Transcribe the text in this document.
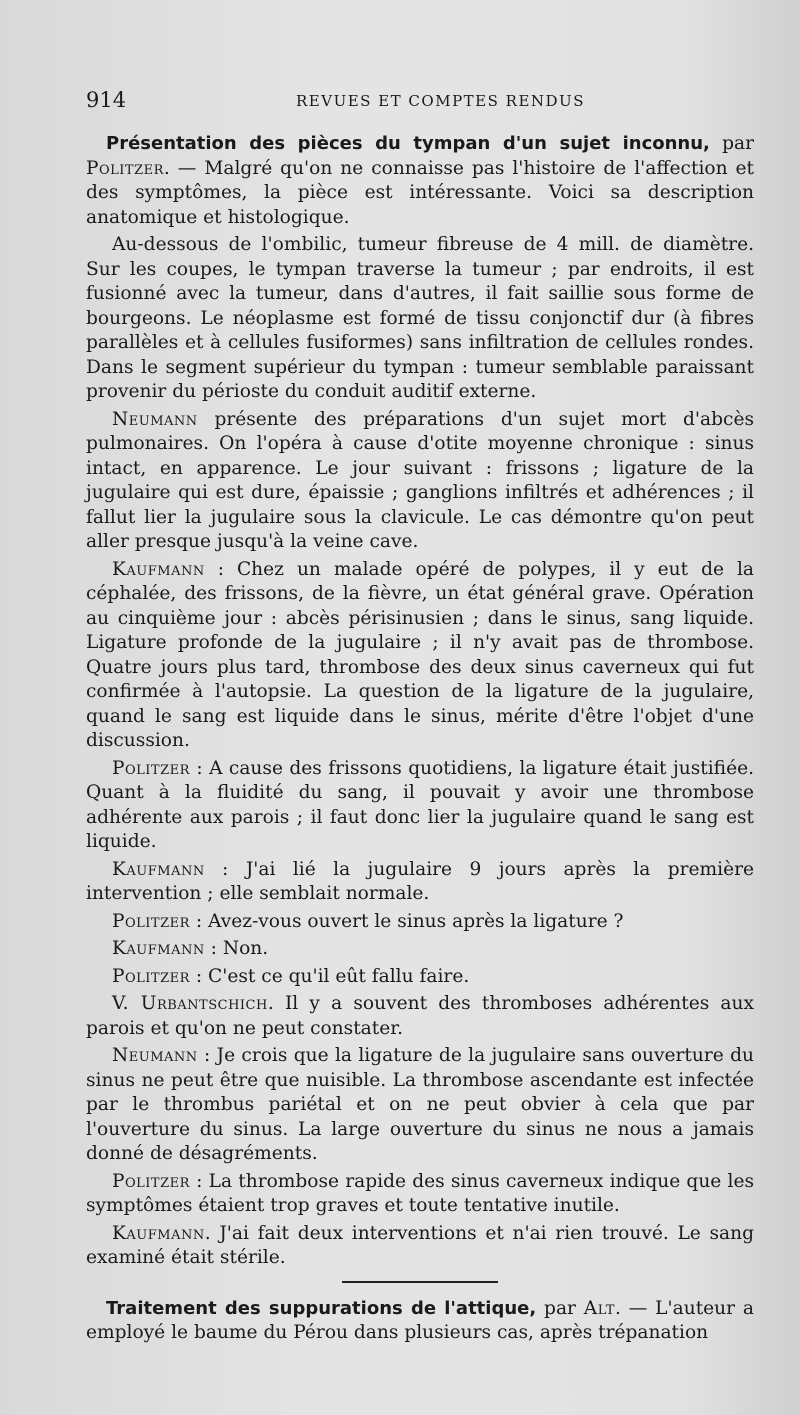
914	REVUES ET COMPTES RENDUS

Présentation des pièces du tympan d'un sujet inconnu, par Politzer. — Malgré qu'on ne connaisse pas l'histoire de l'affection et des symptômes, la pièce est intéressante. Voici sa description anatomique et histologique.

Au-dessous de l'ombilic, tumeur fibreuse de 4 mill. de diamètre. Sur les coupes, le tympan traverse la tumeur ; par endroits, il est fusionné avec la tumeur, dans d'autres, il fait saillie sous forme de bourgeons. Le néoplasme est formé de tissu conjonctif dur (à fibres parallèles et à cellules fusiformes) sans infiltration de cellules rondes. Dans le segment supérieur du tympan : tumeur semblable paraissant provenir du périoste du conduit auditif externe.

Neumann présente des préparations d'un sujet mort d'abcès pulmonaires. On l'opéra à cause d'otite moyenne chronique : sinus intact, en apparence. Le jour suivant : frissons ; ligature de la jugulaire qui est dure, épaissie ; ganglions infiltrés et adhérences ; il fallut lier la jugulaire sous la clavicule. Le cas démontre qu'on peut aller presque jusqu'à la veine cave.

Kaufmann : Chez un malade opéré de polypes, il y eut de la céphalée, des frissons, de la fièvre, un état général grave. Opération au cinquième jour : abcès périsinusien ; dans le sinus, sang liquide. Ligature profonde de la jugulaire ; il n'y avait pas de thrombose. Quatre jours plus tard, thrombose des deux sinus caverneux qui fut confirmée à l'autopsie. La question de la ligature de la jugulaire, quand le sang est liquide dans le sinus, mérite d'être l'objet d'une discussion.

Politzer : A cause des frissons quotidiens, la ligature était justifiée. Quant à la fluidité du sang, il pouvait y avoir une thrombose adhérente aux parois ; il faut donc lier la jugulaire quand le sang est liquide.

Kaufmann : J'ai lié la jugulaire 9 jours après la première intervention ; elle semblait normale.

Politzer : Avez-vous ouvert le sinus après la ligature ?

Kaufmann : Non.

Politzer : C'est ce qu'il eût fallu faire.

V. Urbantschich. Il y a souvent des thromboses adhérentes aux parois et qu'on ne peut constater.

Neumann : Je crois que la ligature de la jugulaire sans ouverture du sinus ne peut être que nuisible. La thrombose ascendante est infectée par le thrombus pariétal et on ne peut obvier à cela que par l'ouverture du sinus. La large ouverture du sinus ne nous a jamais donné de désagréments.

Politzer : La thrombose rapide des sinus caverneux indique que les symptômes étaient trop graves et toute tentative inutile.

Kaufmann. J'ai fait deux interventions et n'ai rien trouvé. Le sang examiné était stérile.

Traitement des suppurations de l'attique, par Alt. — L'auteur a employé le baume du Pérou dans plusieurs cas, après trépanation
